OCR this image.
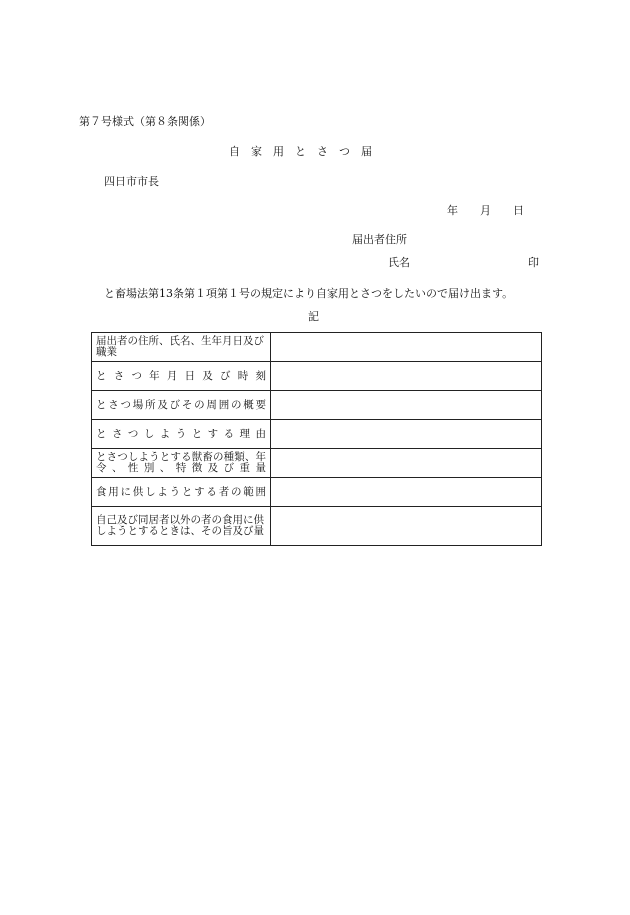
第７号様式（第８条関係）
自　家　用　と　さ　つ　届
四日市市長
年　　月　　日
届出者住所
氏名	印
と畜場法第13条第１項第１号の規定により自家用とさつをしたいので届け出ます。
記
届出者の住所、氏名、生年月日及び職業	
とさつ年月日及び時刻	
とさつ場所及びその周囲の概要	
とさつしようとする理由	
とさつしようとする獣畜の種類、年令、性別、特徴及び重量	
食用に供しようとする者の範囲	
自己及び同居者以外の者の食用に供しようとするときは、その旨及び量	
